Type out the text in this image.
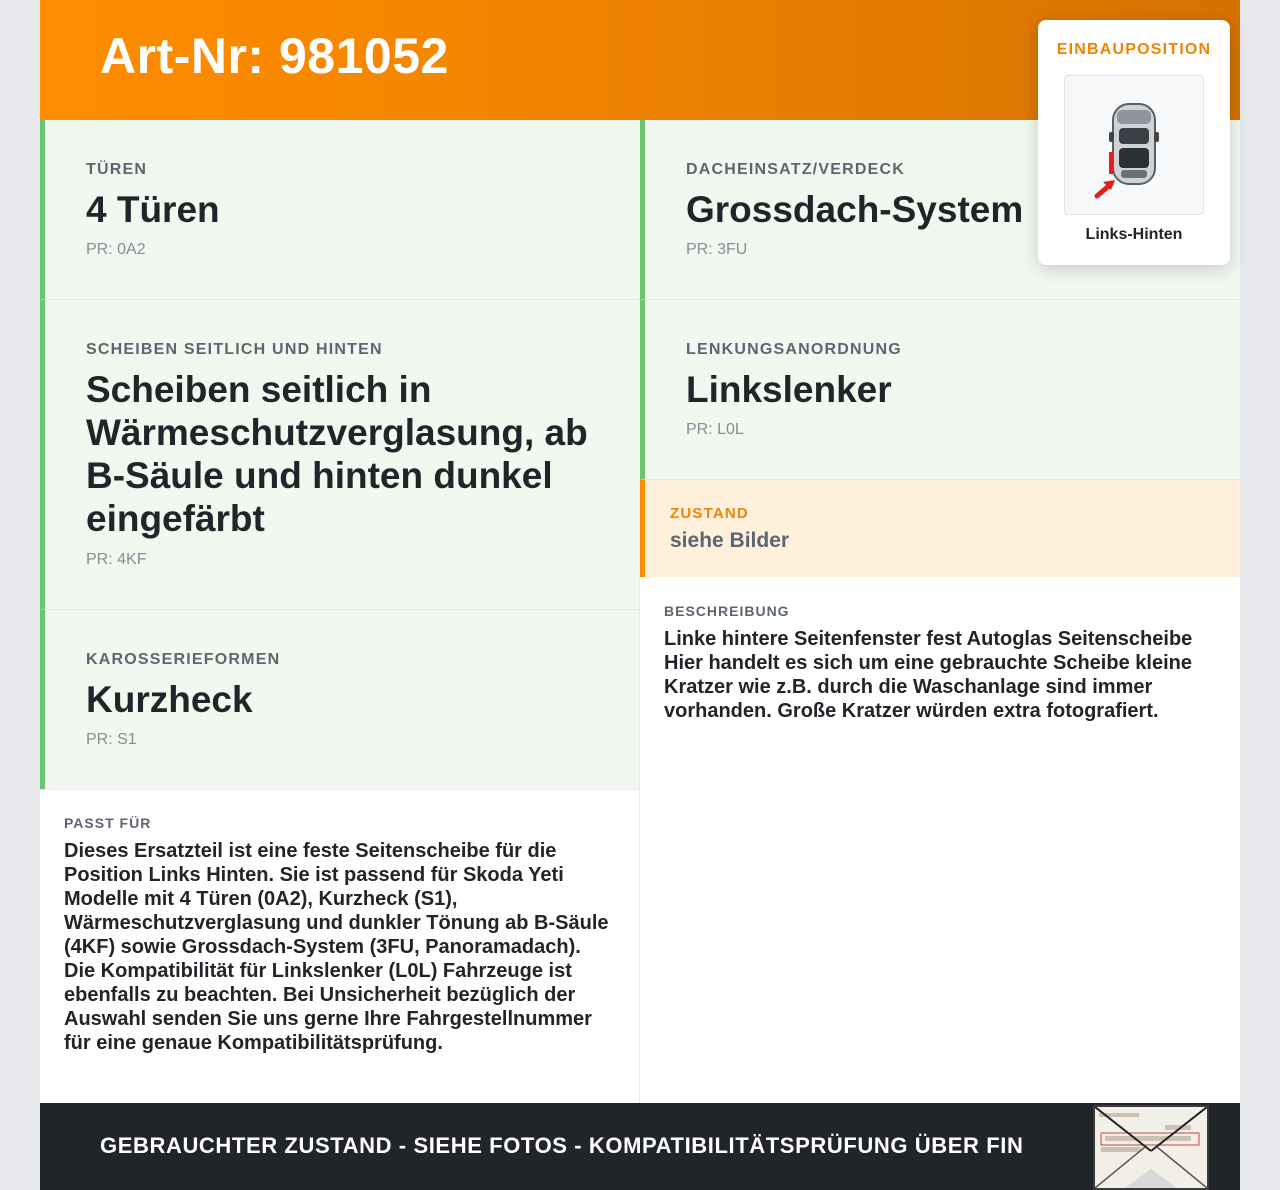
Art-Nr: 981052
TÜREN
4 Türen
PR: 0A2
DACHEINSATZ/VERDECK
Grossdach-System
PR: 3FU
SCHEIBEN SEITLICH UND HINTEN
Scheiben seitlich in Wärmeschutzverglasung, ab B-Säule und hinten dunkel eingefärbt
PR: 4KF
LENKUNGSANORDNUNG
Linkslenker
PR: L0L
KAROSSERIEFORMEN
Kurzheck
PR: S1
ZUSTAND
siehe Bilder
BESCHREIBUNG
Linke hintere Seitenfenster fest Autoglas Seitenscheibe Hier handelt es sich um eine gebrauchte Scheibe kleine Kratzer wie z.B. durch die Waschanlage sind immer vorhanden. Große Kratzer würden extra fotografiert.
PASST FÜR
Dieses Ersatzteil ist eine feste Seitenscheibe für die Position Links Hinten. Sie ist passend für Skoda Yeti Modelle mit 4 Türen (0A2), Kurzheck (S1), Wärmeschutzverglasung und dunkler Tönung ab B-Säule (4KF) sowie Grossdach-System (3FU, Panoramadach). Die Kompatibilität für Linkslenker (L0L) Fahrzeuge ist ebenfalls zu beachten. Bei Unsicherheit bezüglich der Auswahl senden Sie uns gerne Ihre Fahrgestellnummer für eine genaue Kompatibilitätsprüfung.
GEBRAUCHTER ZUSTAND - SIEHE FOTOS - KOMPATIBILITÄTSPRÜFUNG ÜBER FIN
EINBAUPOSITION
Links-Hinten
